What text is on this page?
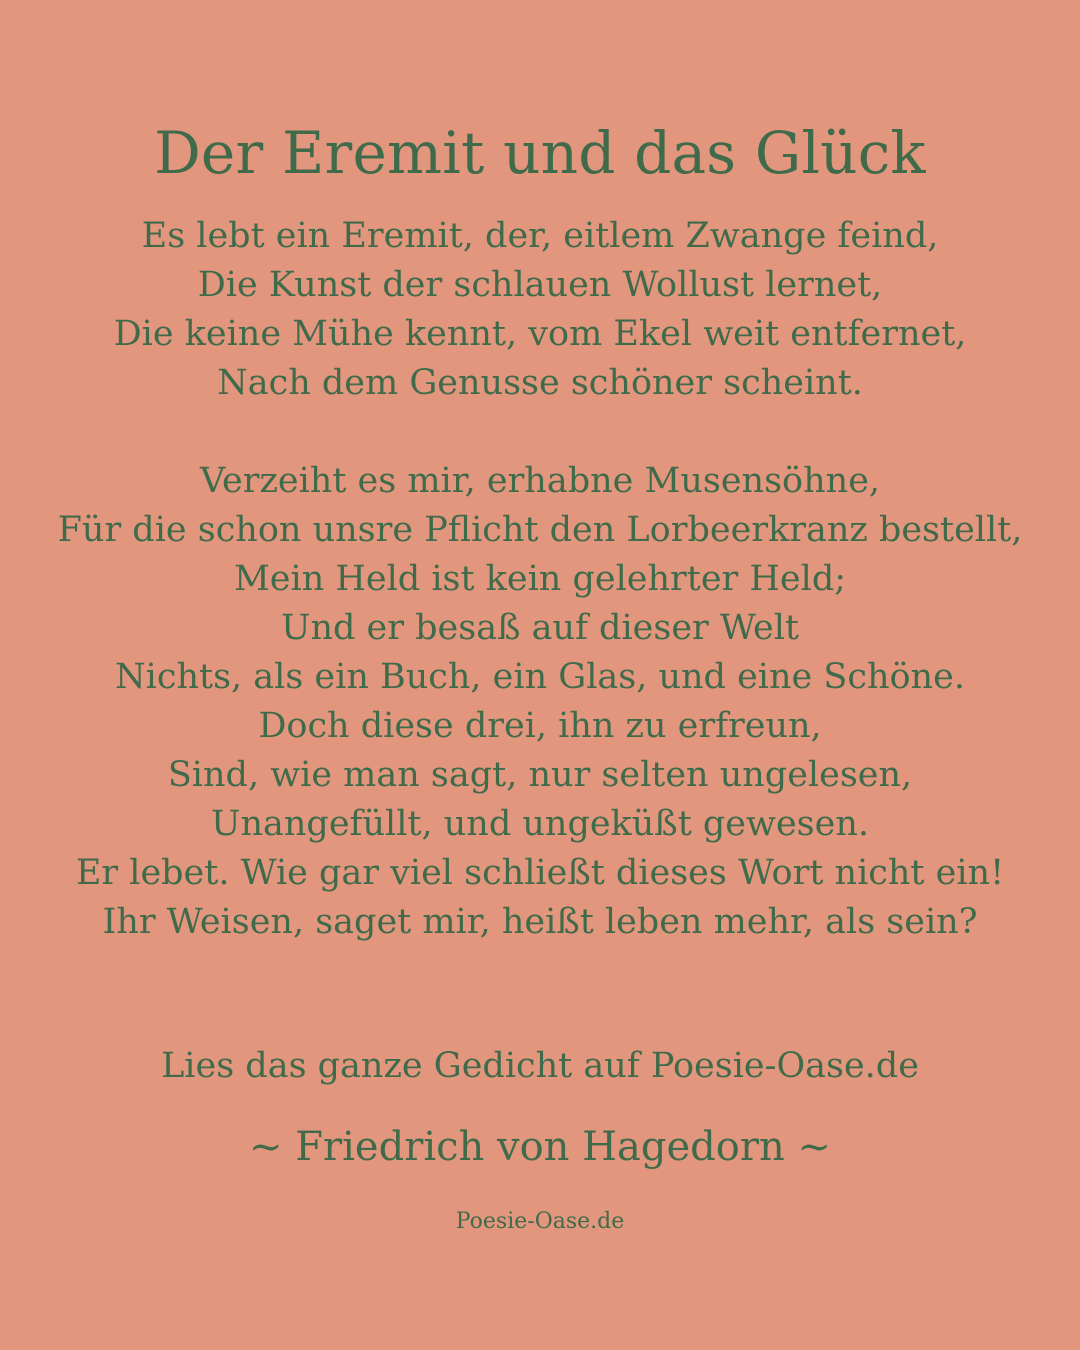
Der Eremit und das Glück
Es lebt ein Eremit, der, eitlem Zwange feind,
Die Kunst der schlauen Wollust lernet,
Die keine Mühe kennt, vom Ekel weit entfernet,
Nach dem Genusse schöner scheint.
Verzeiht es mir, erhabne Musensöhne,
Für die schon unsre Pflicht den Lorbeerkranz bestellt,
Mein Held ist kein gelehrter Held;
Und er besaß auf dieser Welt
Nichts, als ein Buch, ein Glas, und eine Schöne.
Doch diese drei, ihn zu erfreun,
Sind, wie man sagt, nur selten ungelesen,
Unangefüllt, und ungeküßt gewesen.
Er lebet. Wie gar viel schließt dieses Wort nicht ein!
Ihr Weisen, saget mir, heißt leben mehr, als sein?
Lies das ganze Gedicht auf Poesie-Oase.de
~ Friedrich von Hagedorn ~
Poesie-Oase.de
